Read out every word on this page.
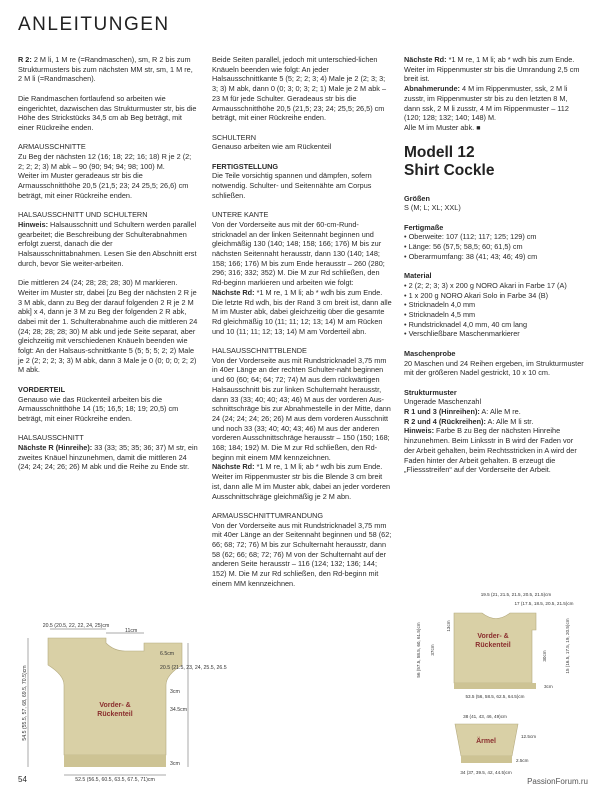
ANLEITUNGEN

R 2: 2 M li, 1 M re (=Randmaschen), sm, R 2 bis zum Strukturmusters bis zum nächsten MM str, sm, 1 M re, 2 M li (=Randmaschen).

Die Randmaschen fortlaufend so arbeiten wie eingerichtet, dazwischen das Strukturmuster str, bis die Höhe des Strickstücks 34,5 cm ab Beg beträgt, mit einer Rückreihe enden.

ARMAUSSCHNITTE
Zu Beg der nächsten 12 (16; 18; 22; 16; 18) R je 2 (2; 2; 2; 2; 3) M abk – 90 (90; 94; 94; 98; 100) M.

Weiter im Muster geradeaus str bis die Armausschnitthöhe 20,5 (21,5; 23; 24 25,5; 26,6) cm beträgt, mit einer Rückreihe enden.

HALSAUSSCHNITT UND SCHULTERN

Hinweis: Halsausschnitt und Schultern werden parallel gearbeitet; die Beschreibung der Schulterabnahmen erfolgt zuerst, danach die der Halsausschnittabnahmen. Lesen Sie den Abschnitt erst durch, bevor Sie weiter-arbeiten.

Die mittleren 24 (24; 28; 28; 28; 30) M markieren.

Weiter im Muster str, dabei [zu Beg der nächsten 2 R je 3 M abk, dann zu Beg der darauf folgenden 2 R je 2 M abk] x 4, dann je 3 M zu Beg der folgenden 2 R abk, dabei mit der 1. Schulterabnahme auch die mittleren 24 (24; 28; 28; 28; 30) M abk und jede Seite separat, aber gleichzeitig mit verschiedenen Knäueln beenden wie folgt: An der Halsaus-schnittkante 5 (5; 5; 5; 2; 2) Male je 2 (2; 2; 2; 3; 3) M abk, dann 3 Male je 0 (0; 0; 0; 2; 2) M abk.

VORDERTEIL

Genauso wie das Rückenteil arbeiten bis die Armausschnitthöhe 14 (15; 16,5; 18; 19; 20,5) cm beträgt, mit einer Rückreihe enden.

HALSAUSSCHNITT

Nächste R (Hinreihe): 33 (33; 35; 35; 36; 37) M str, ein zweites Knäuel hinzunehmen, damit die mittleren 24 (24; 24; 24; 26; 26) M abk und die Reihe zu Ende str.

Beide Seiten parallel, jedoch mit unterschied-lichen Knäueln beenden wie folgt: An jeder Halsausschnittkante 5 (5; 2; 2; 3; 4) Male je 2 (2; 3; 3; 3; 3) M abk, dann 0 (0; 3; 0; 3; 2; 1) Male je 2 M abk – 23 M für jede Schulter. Geradeaus str bis die Armausschnitthöhe 20,5 (21,5; 23; 24; 25,5; 26,5) cm beträgt, mit einer Rückreihe enden.

SCHULTERN

Genauso arbeiten wie am Rückenteil

FERTIGSTELLUNG

Die Teile vorsichtig spannen und dämpfen, sofern notwendig. Schulter- und Seitennähte am Corpus schließen.

UNTERE KANTE
Von der Vorderseite aus mit der 60-cm-Rund-stricknadel an der linken Seitennaht beginnen und gleichmäßig 130 (140; 148; 158; 166; 176) M bis zur nächsten Seitennaht herausstr, dann 130 (140; 148; 158; 166; 176) M bis zum Ende herausstr – 260 (280; 296; 316; 332; 352) M. Die M zur Rd schließen, den Rd-beginn markieren und arbeiten wie folgt:
Nächste Rd: *1 M re, 1 M li; ab * wdh bis zum Ende.

Die letzte Rd wdh, bis der Rand 3 cm breit ist, dann alle M im Muster abk, dabei gleichzeitig über die gesamte Rd gleichmäßig 10 (11; 11; 12; 13; 14) M am Rücken und 10 (11; 11; 12; 13; 14) M am Vorderteil abn.

HALSAUSSCHNITTBLENDE
Von der Vorderseite aus mit Rundstricknadel 3,75 mm in 40er Länge an der rechten Schulter-naht beginnen und 60 (60; 64; 64; 72; 74) M aus dem rückwärtigen Halsausschnitt bis zur linken Schulternaht herausstr, dann 33 (33; 40; 40; 43; 46) M aus der vorderen Aus-schnittschräge bis zur Abnahmestelle in der Mitte, dann 24 (24; 24; 24; 26; 26) M aus dem vorderen Ausschnitt und noch 33 (33; 40; 40; 43; 46) M aus der anderen vorderen Ausschnittschräge herausstr – 150 (150; 168; 168; 184; 192) M. Die M zur Rd schließen, den Rd-beginn mit einem MM kennzeichnen.
Nächste Rd: *1 M re, 1 M li; ab * wdh bis zum Ende.

Weiter im Rippenmuster str bis die Blende 3 cm breit ist, dann alle M im Muster abk, dabei an jeder vorderen Ausschnittschräge gleichmäßig je 2 M abn.

ARMAUSSCHNITTUMRANDUNG

Von der Vorderseite aus mit Rundstricknadel 3,75 mm mit 40er Länge an der Seitennaht beginnen und 58 (62; 66; 68; 72; 76) M bis zur Schulternaht herausstr, dann 58 (62; 66; 68; 72; 76) M von der Schulternaht auf der anderen Seite herausstr – 116 (124; 132; 136; 144; 152) M. Die M zur Rd schließen, den Rd-beginn mit einem MM kennzeichnen.

Nächste Rd: *1 M re, 1 M li; ab * wdh bis zum Ende.
Weiter im Rippenmuster str bis die Umrandung 2,5 cm breit ist.
Abnahmerunde: 4 M im Rippenmuster, ssk, 2 M li zusstr, im Rippenmuster str bis zu den letzten 8 M, dann ssk, 2 M li zusstr, 4 M im Rippenmuster – 112 (120; 128; 132; 140; 148) M.
Alle M im Muster abk. ■
Modell 12
Shirt Cockle
Größen

S (M; L; XL; XXL)

Fertigmaße
• Oberweite: 107 (112; 117; 125; 129) cm
• Länge: 56 (57,5; 58,5; 60; 61,5) cm
• Oberarmumfang: 38 (41; 43; 46; 49) cm
Material
• 2 (2; 2; 3; 3) x 200 g NORO Akari in Farbe 17 (A)
• 1 x 200 g NORO Akari Solo in Farbe 34 (B)
• Stricknadeln 4,0 mm
• Stricknadeln 4,5 mm
• Rundstricknadel 4,0 mm, 40 cm lang
• Verschließbare Maschenmarkierer
Maschenprobe

20 Maschen und 24 Reihen ergeben, im Strukturmuster mit der größeren Nadel gestrickt, 10 x 10 cm.

Strukturmuster
Ungerade Maschenzahl
R 1 und 3 (Hinreihen): A: Alle M re.
R 2 und 4 (Rückreihen): A: Alle M li str.

Hinweis: Farbe B zu Beg der nächsten Hinreihe hinzunehmen. Beim Linksstr in B wird der Faden vor der Arbeit gehalten, beim Rechtsstricken in A wird der Faden hinter der Arbeit gehalten. B erzeugt die „Fliessstreifen“ auf der Vorderseite der Arbeit.

20.5 (20.5, 22, 22, 24, 25)cm
11cm
6.5cm
20.5 (21.5, 23, 24, 25.5, 26.5
3cm
34.5cm
3cm
Vorder- &
Rückenteil
52.5 (56.5, 60.5, 63.5, 67.5, 71)cm
54.5 (55.5, 57, 68, 69.5, 70.5)cm
19.5 (21, 21.5, 21.5, 20.5, 21.5)cm
17 (17.5, 18.5, 20.5, 21.5)cm
56 (57.5, 58.5, 60, 61.5)cm 37cm
13cm	15 (16.5, 17.5, 19, 20.5)cm
30cm
Vorder- &
Rückenteil
53.5 (56, 58.5, 62.5, 64.5)cm
3cm
38 (41, 43, 46, 49)cm
Ärmel
12.5cm
2.5cm
34 (37, 39.5, 42, 44.5)cm
54	PassionForum.ru
